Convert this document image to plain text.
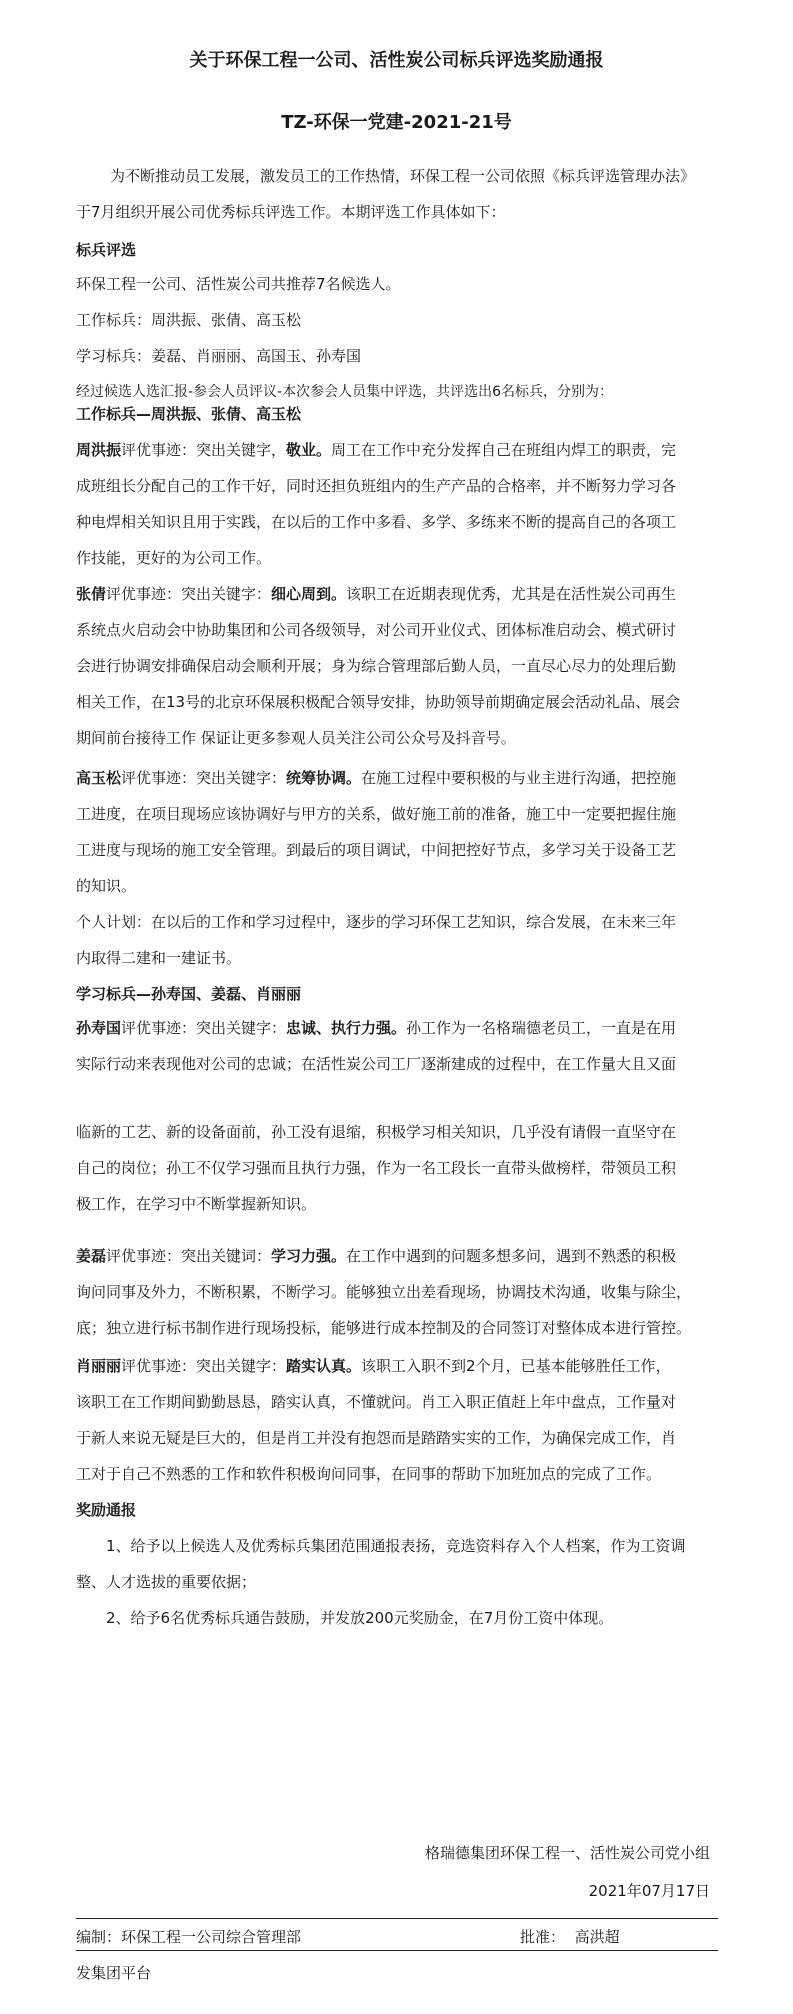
关于环保工程一公司、活性炭公司标兵评选奖励通报
TZ-环保一党建-2021-21号

为不断推动员工发展，激发员工的工作热情，环保工程一公司依照《标兵评选管理办法》

于7月组织开展公司优秀标兵评选工作。本期评选工作具体如下：

标兵评选

环保工程一公司、活性炭公司共推荐7名候选人。

工作标兵：周洪振、张倩、高玉松

学习标兵：姜磊、肖丽丽、高国玉、孙寿国

经过候选人选汇报-参会人员评议-本次参会人员集中评选，共评选出6名标兵，分别为：

工作标兵—周洪振、张倩、高玉松

周洪振评优事迹：突出关键字，敬业。周工在工作中充分发挥自己在班组内焊工的职责，完

成班组长分配自己的工作干好，同时还担负班组内的生产产品的合格率，并不断努力学习各

种电焊相关知识且用于实践，在以后的工作中多看、多学、多练来不断的提高自己的各项工

作技能，更好的为公司工作。

张倩评优事迹：突出关键字：细心周到。该职工在近期表现优秀，尤其是在活性炭公司再生

系统点火启动会中协助集团和公司各级领导，对公司开业仪式、团体标准启动会、模式研讨

会进行协调安排确保启动会顺利开展；身为综合管理部后勤人员，一直尽心尽力的处理后勤

相关工作，在13号的北京环保展积极配合领导安排，协助领导前期确定展会活动礼品、展会

期间前台接待工作 保证让更多参观人员关注公司公众号及抖音号。

高玉松评优事迹：突出关键字：统筹协调。在施工过程中要积极的与业主进行沟通，把控施

工进度，在项目现场应该协调好与甲方的关系，做好施工前的准备，施工中一定要把握住施

工进度与现场的施工安全管理。到最后的项目调试，中间把控好节点，多学习关于设备工艺

的知识。

个人计划：在以后的工作和学习过程中，逐步的学习环保工艺知识，综合发展，在未来三年

内取得二建和一建证书。

学习标兵—孙寿国、姜磊、肖丽丽

孙寿国评优事迹：突出关键字：忠诚、执行力强。孙工作为一名格瑞德老员工，一直是在用

实际行动来表现他对公司的忠诚；在活性炭公司工厂逐渐建成的过程中，在工作量大且又面

临新的工艺、新的设备面前，孙工没有退缩，积极学习相关知识，几乎没有请假一直坚守在

自己的岗位；孙工不仅学习强而且执行力强，作为一名工段长一直带头做榜样，带领员工积

极工作，在学习中不断掌握新知识。

姜磊评优事迹：突出关键词：学习力强。在工作中遇到的问题多想多问，遇到不熟悉的积极

询问同事及外力，不断积累，不断学习。能够独立出差看现场，协调技术沟通，收集与除尘，

底；独立进行标书制作进行现场投标，能够进行成本控制及的合同签订对整体成本进行管控。

肖丽丽评优事迹：突出关键字：踏实认真。该职工入职不到2个月，已基本能够胜任工作，

该职工在工作期间勤勤恳恳，踏实认真，不懂就问。肖工入职正值赶上年中盘点，工作量对

于新人来说无疑是巨大的，但是肖工并没有抱怨而是踏踏实实的工作，为确保完成工作，肖

工对于自己不熟悉的工作和软件积极询问同事，在同事的帮助下加班加点的完成了工作。

奖励通报

1、给予以上候选人及优秀标兵集团范围通报表扬，竞选资料存入个人档案，作为工资调

整、人才选拔的重要依据；

2、给予6名优秀标兵通告鼓励，并发放200元奖励金，在7月份工资中体现。

格瑞德集团环保工程一、活性炭公司党小组

2021年07月17日

编制：环保工程一公司综合管理部	批准： 高洪超

发集团平台
